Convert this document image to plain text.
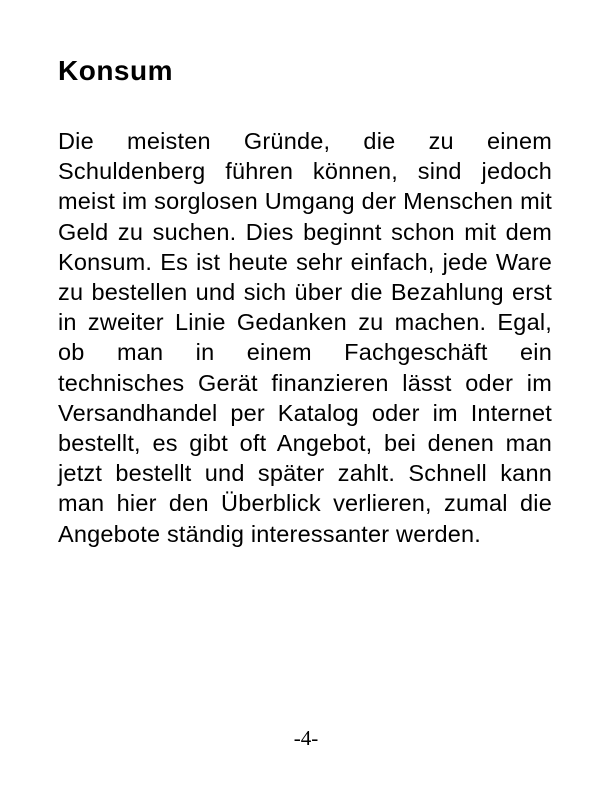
Konsum

Die meisten Gründe, die zu einem Schuldenberg führen können, sind jedoch meist im sorglosen Umgang der Menschen mit Geld zu suchen. Dies beginnt schon mit dem Konsum. Es ist heute sehr einfach, jede Ware zu bestellen und sich über die Bezahlung erst in zweiter Linie Gedanken zu machen. Egal, ob man in einem Fachgeschäft ein technisches Gerät finanzieren lässt oder im Versandhandel per Katalog oder im Internet bestellt, es gibt oft Angebot, bei denen man jetzt bestellt und später zahlt. Schnell kann man hier den Überblick verlieren, zumal die Angebote ständig interessanter werden.

-4-
